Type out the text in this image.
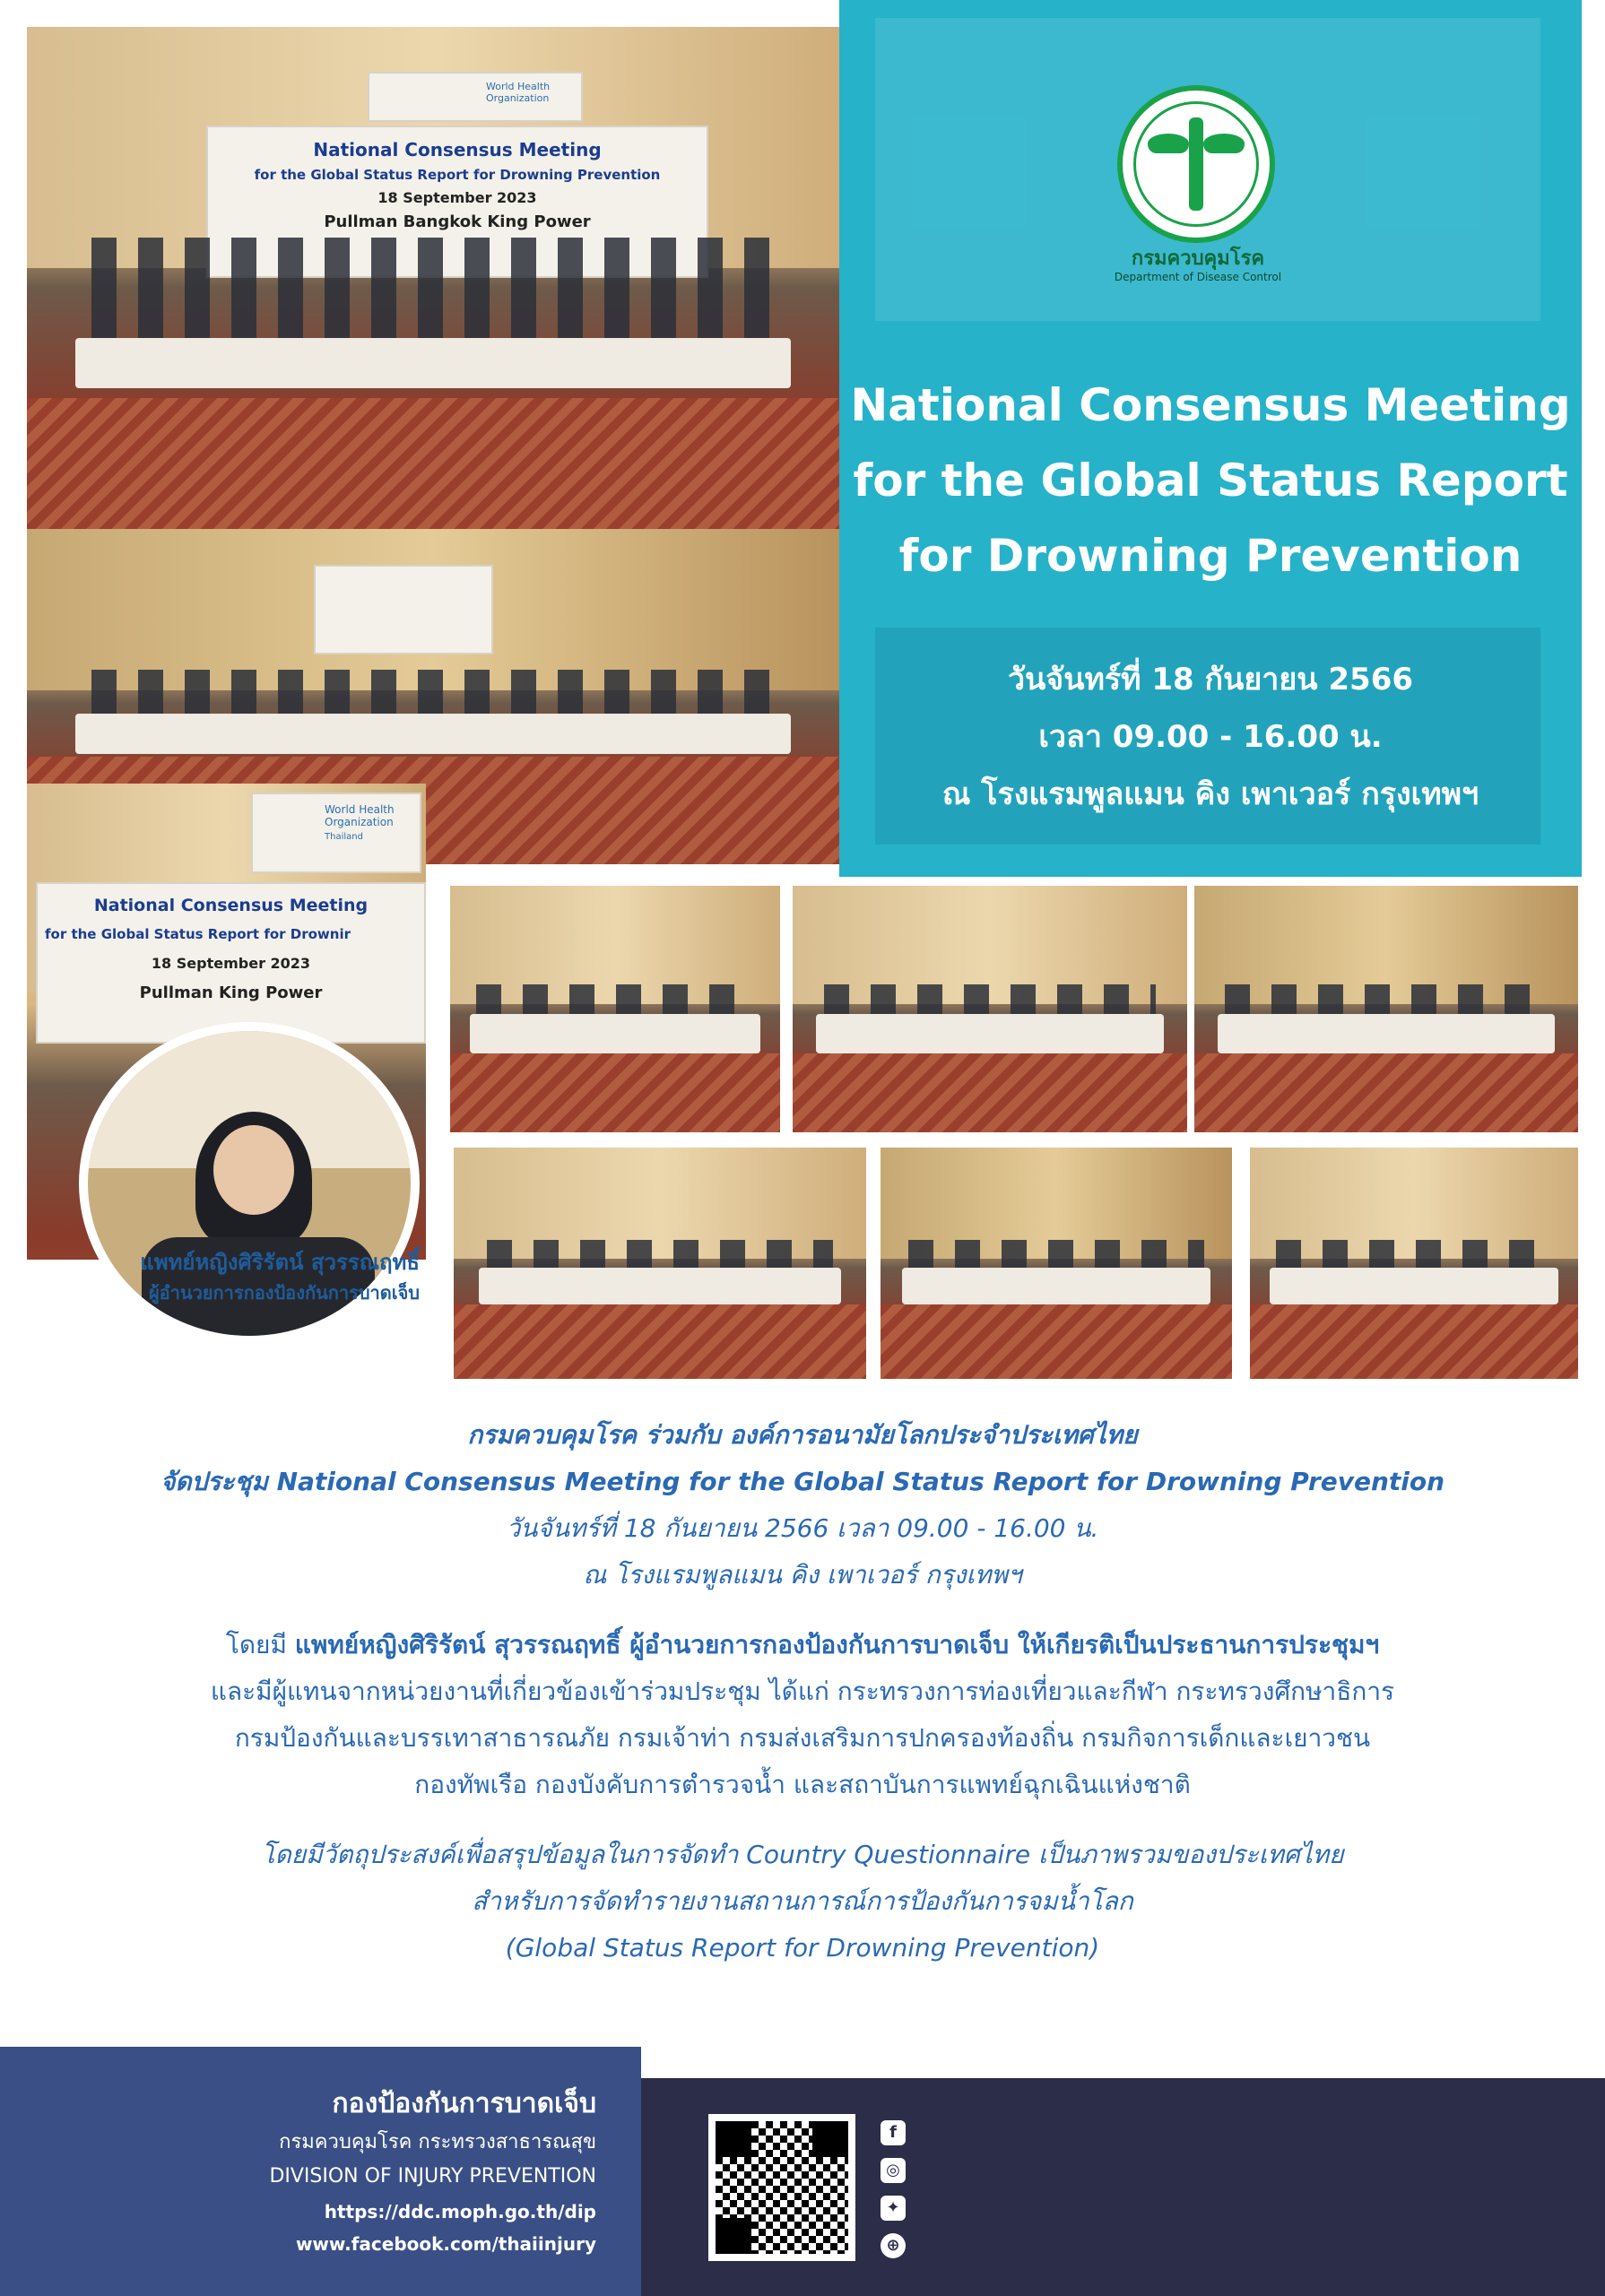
National Consensus Meeting
for the Global Status Report for Drowning Prevention
18 September 2023
Pullman Bangkok King Power
World Health Organization
National Consensus Meeting
for the Global Status Report for Drownir
18 September 2023
Pullman King Power
World Health Organization
Thailand
แพทย์หญิงศิริรัตน์ สุวรรณฤทธิ์
ผู้อำนวยการกองป้องกันการบาดเจ็บ
กรมควบคุมโรค
Department of Disease Control
National Consensus Meeting
for the Global Status Report
for Drowning Prevention
วันจันทร์ที่ 18 กันยายน 2566
เวลา 09.00 - 16.00 น.
ณ โรงแรมพูลแมน คิง เพาเวอร์ กรุงเทพฯ
กรมควบคุมโรค ร่วมกับ องค์การอนามัยโลกประจำประเทศไทย
จัดประชุม National Consensus Meeting for the Global Status Report for Drowning Prevention
วันจันทร์ที่ 18 กันยายน 2566 เวลา 09.00 - 16.00 น.
ณ โรงแรมพูลแมน คิง เพาเวอร์ กรุงเทพฯ
โดยมี แพทย์หญิงศิริรัตน์ สุวรรณฤทธิ์ ผู้อำนวยการกองป้องกันการบาดเจ็บ ให้เกียรติเป็นประธานการประชุมฯ
และมีผู้แทนจากหน่วยงานที่เกี่ยวข้องเข้าร่วมประชุม ได้แก่ กระทรวงการท่องเที่ยวและกีฬา กระทรวงศึกษาธิการ
กรมป้องกันและบรรเทาสาธารณภัย กรมเจ้าท่า กรมส่งเสริมการปกครองท้องถิ่น กรมกิจการเด็กและเยาวชน
กองทัพเรือ กองบังคับการตำรวจน้ำ และสถาบันการแพทย์ฉุกเฉินแห่งชาติ
โดยมีวัตถุประสงค์เพื่อสรุปข้อมูลในการจัดทำ Country Questionnaire เป็นภาพรวมของประเทศไทย
สำหรับการจัดทำรายงานสถานการณ์การป้องกันการจมน้ำโลก
(Global Status Report for Drowning Prevention)
กองป้องกันการบาดเจ็บ
กรมควบคุมโรค กระทรวงสาธารณสุข
DIVISION OF INJURY PREVENTION
https://ddc.moph.go.th/dip
www.facebook.com/thaiinjury
f
◎
✦
⊕
